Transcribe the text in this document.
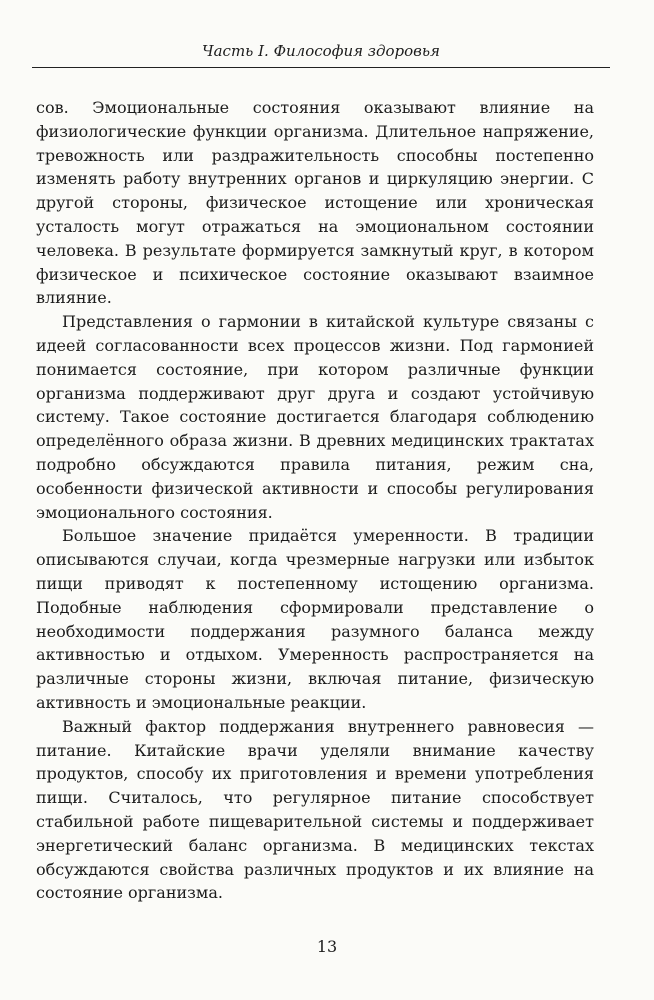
Часть I. Философия здоровья

сов. Эмоциональные состояния оказывают влияние на физиологические функции организма. Длительное напряжение, тревожность или раздражительность способны постепенно изменять работу внутренних органов и циркуляцию энергии. С другой стороны, физическое истощение или хроническая усталость могут отражаться на эмоциональном состоянии человека. В результате формируется замкнутый круг, в котором физическое и психическое состояние оказывают взаимное влияние.

Представления о гармонии в китайской культуре связаны с идеей согласованности всех процессов жизни. Под гармонией понимается состояние, при котором различные функции организма поддерживают друг друга и создают устойчивую систему. Такое состояние достигается благодаря соблюдению определённого образа жизни. В древних медицинских трактатах подробно обсуждаются правила питания, режим сна, особенности физической активности и способы регулирования эмоционального состояния.

Большое значение придаётся умеренности. В традиции описываются случаи, когда чрезмерные нагрузки или избыток пищи приводят к постепенному истощению организма. Подобные наблюдения сформировали представление о необходимости поддержания разумного баланса между активностью и отдыхом. Умеренность распространяется на различные стороны жизни, включая питание, физическую активность и эмоциональные реакции.

Важный фактор поддержания внутреннего равновесия — питание. Китайские врачи уделяли внимание качеству продуктов, способу их приготовления и времени употребления пищи. Считалось, что регулярное питание способствует стабильной работе пищеварительной системы и поддерживает энергетический баланс организма. В медицинских текстах обсуждаются свойства различных продуктов и их влияние на состояние организма.

13
